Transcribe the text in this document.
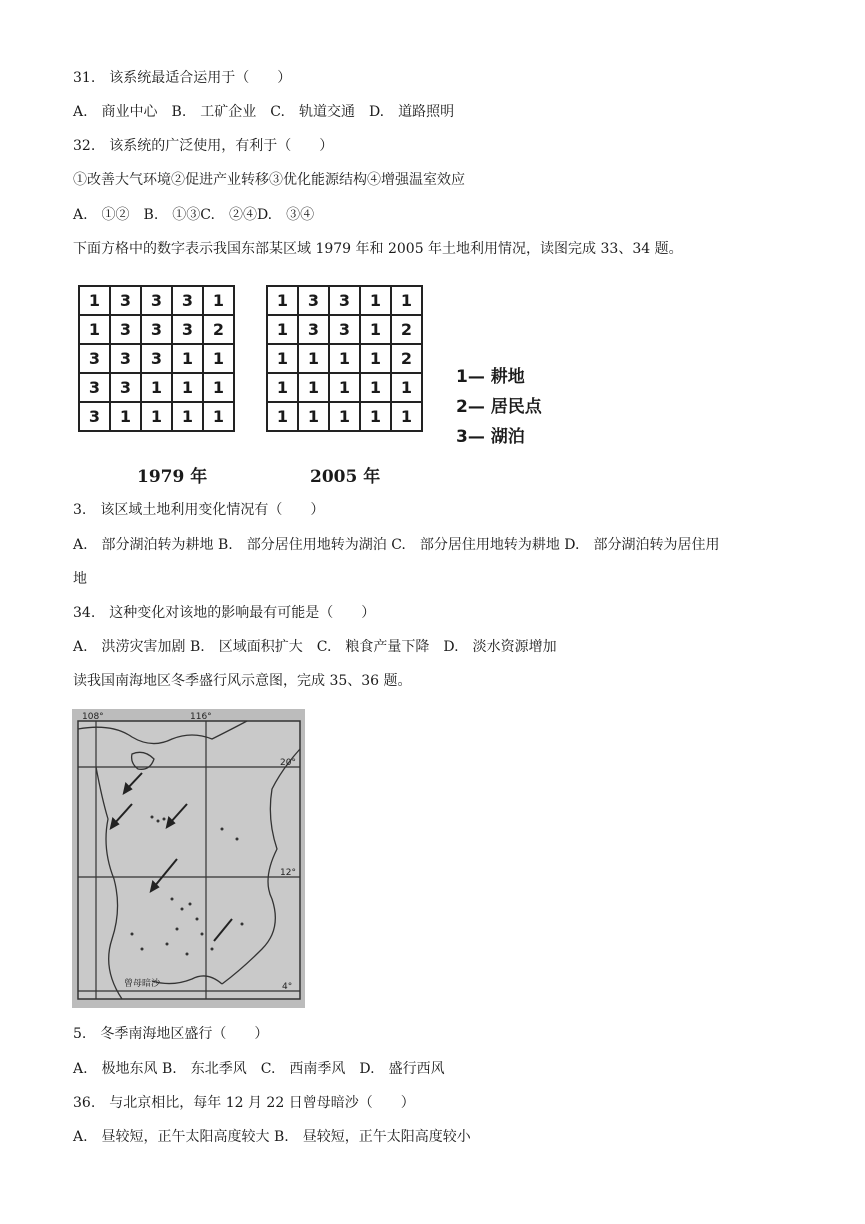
31.　该系统最适合运用于（　　）
A.　商业中心　B.　工矿企业　C.　轨道交通　D.　道路照明
32.　该系统的广泛使用，有利于（　　）
①改善大气环境②促进产业转移③优化能源结构④增强温室效应
A.　①②　B.　①③C.　②④D.　③④
下面方格中的数字表示我国东部某区域 1979 年和 2005 年土地利用情况，读图完成 33、34 题。
1	3	3	3	1
1	3	3	3	2
3	3	3	1	1
3	3	1	1	1
3	1	1	1	1
1	3	3	1	1
1	3	3	1	2
1	1	1	1	2
1	1	1	1	1
1	1	1	1	1
1979 年	2005 年
1— 耕地
2— 居民点
3— 湖泊
3.　该区域土地利用变化情况有（　　）
A.　部分湖泊转为耕地 B.　部分居住用地转为湖泊 C.　部分居住用地转为耕地 D.　部分湖泊转为居住用
地
34.　这种变化对该地的影响最有可能是（　　）
A.　洪涝灾害加剧 B.　区域面积扩大　C.　粮食产量下降　D.　淡水资源增加
读我国南海地区冬季盛行风示意图，完成 35、36 题。
108°	116°
20°
12°
4°
曾母暗沙
5.　冬季南海地区盛行（　　）
A.　极地东风 B.　东北季风　C.　西南季风　D.　盛行西风
36.　与北京相比，每年 12 月 22 日曾母暗沙（　　）
A.　昼较短，正午太阳高度较大 B.　昼较短，正午太阳高度较小
